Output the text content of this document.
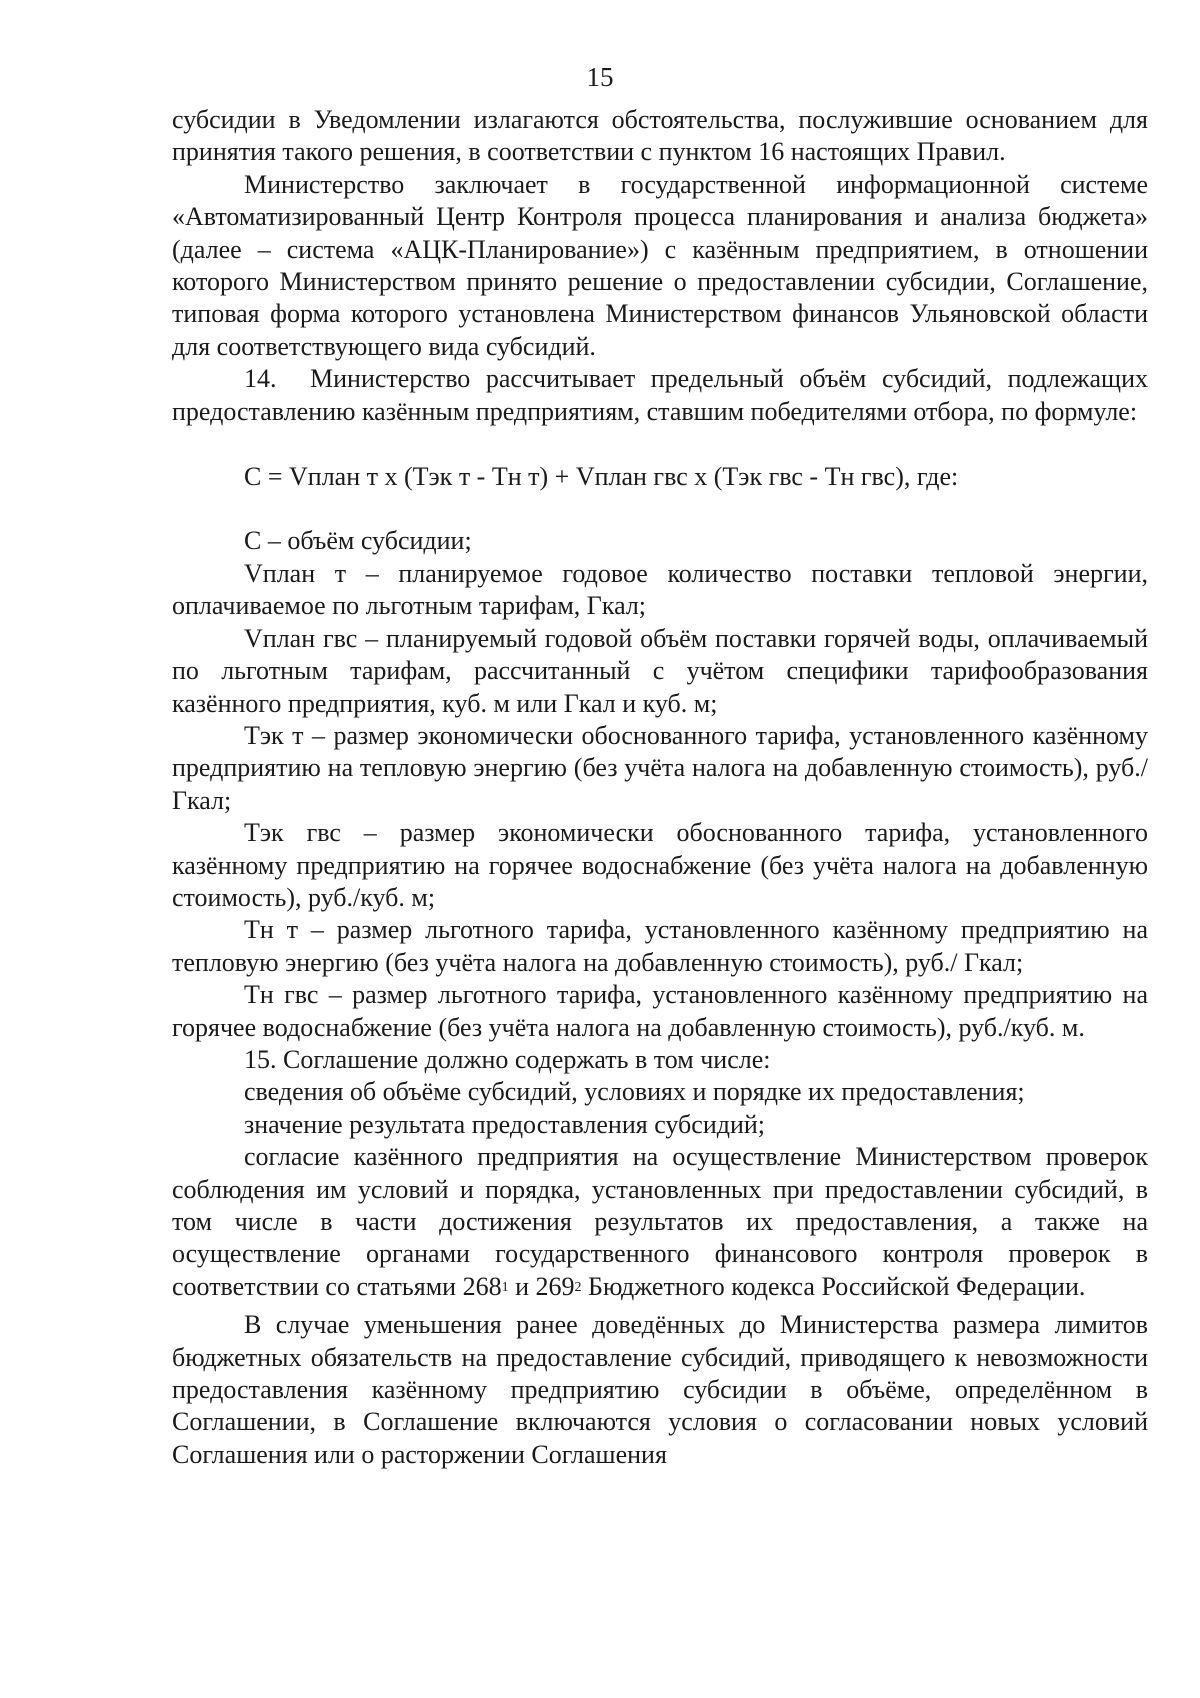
15

субсидии в Уведомлении излагаются обстоятельства, послужившие основанием для принятия такого решения, в соответствии с пунктом 16 настоящих Правил.

Министерство заключает в государственной информационной системе «Автоматизированный Центр Контроля процесса планирования и анализа бюджета» (далее – система «АЦК-Планирование») с казённым предприятием, в отношении которого Министерством принято решение о предоставлении субсидии, Соглашение, типовая форма которого установлена Министерством финансов Ульяновской области для соответствующего вида субсидий.

14. Министерство рассчитывает предельный объём субсидий, подлежащих предоставлению казённым предприятиям, ставшим победителями отбора, по формуле:

С = Vплан т х (Тэк т - Тн т) + Vплан гвс х (Тэк гвс - Тн гвс), где:

С – объём субсидии;

Vплан т – планируемое годовое количество поставки тепловой энергии, оплачиваемое по льготным тарифам, Гкал;

Vплан гвс – планируемый годовой объём поставки горячей воды, оплачиваемый по льготным тарифам, рассчитанный с учётом специфики тарифообразования казённого предприятия, куб. м или Гкал и куб. м;

Тэк т – размер экономически обоснованного тарифа, установленного казённому предприятию на тепловую энергию (без учёта налога на добавленную стоимость), руб./ Гкал;

Тэк гвс – размер экономически обоснованного тарифа, установленного казённому предприятию на горячее водоснабжение (без учёта налога на добавленную стоимость), руб./куб. м;

Тн т – размер льготного тарифа, установленного казённому предприятию на тепловую энергию (без учёта налога на добавленную стоимость), руб./ Гкал;

Тн гвс – размер льготного тарифа, установленного казённому предприятию на горячее водоснабжение (без учёта налога на добавленную стоимость), руб./куб. м.

15. Соглашение должно содержать в том числе:

сведения об объёме субсидий, условиях и порядке их предоставления;

значение результата предоставления субсидий;

согласие казённого предприятия на осуществление Министерством проверок соблюдения им условий и порядка, установленных при предоставлении субсидий, в том числе в части достижения результатов их предоставления, а также на осуществление органами государственного финансового контроля проверок в соответствии со статьями $268^1$ и $269^2$ Бюджетного кодекса Российской Федерации.

В случае уменьшения ранее доведённых до Министерства размера лимитов бюджетных обязательств на предоставление субсидий, приводящего к невозможности предоставления казённому предприятию субсидии в объёме, определённом в Соглашении, в Соглашение включаются условия о согласовании новых условий Соглашения или о расторжении Соглашения
